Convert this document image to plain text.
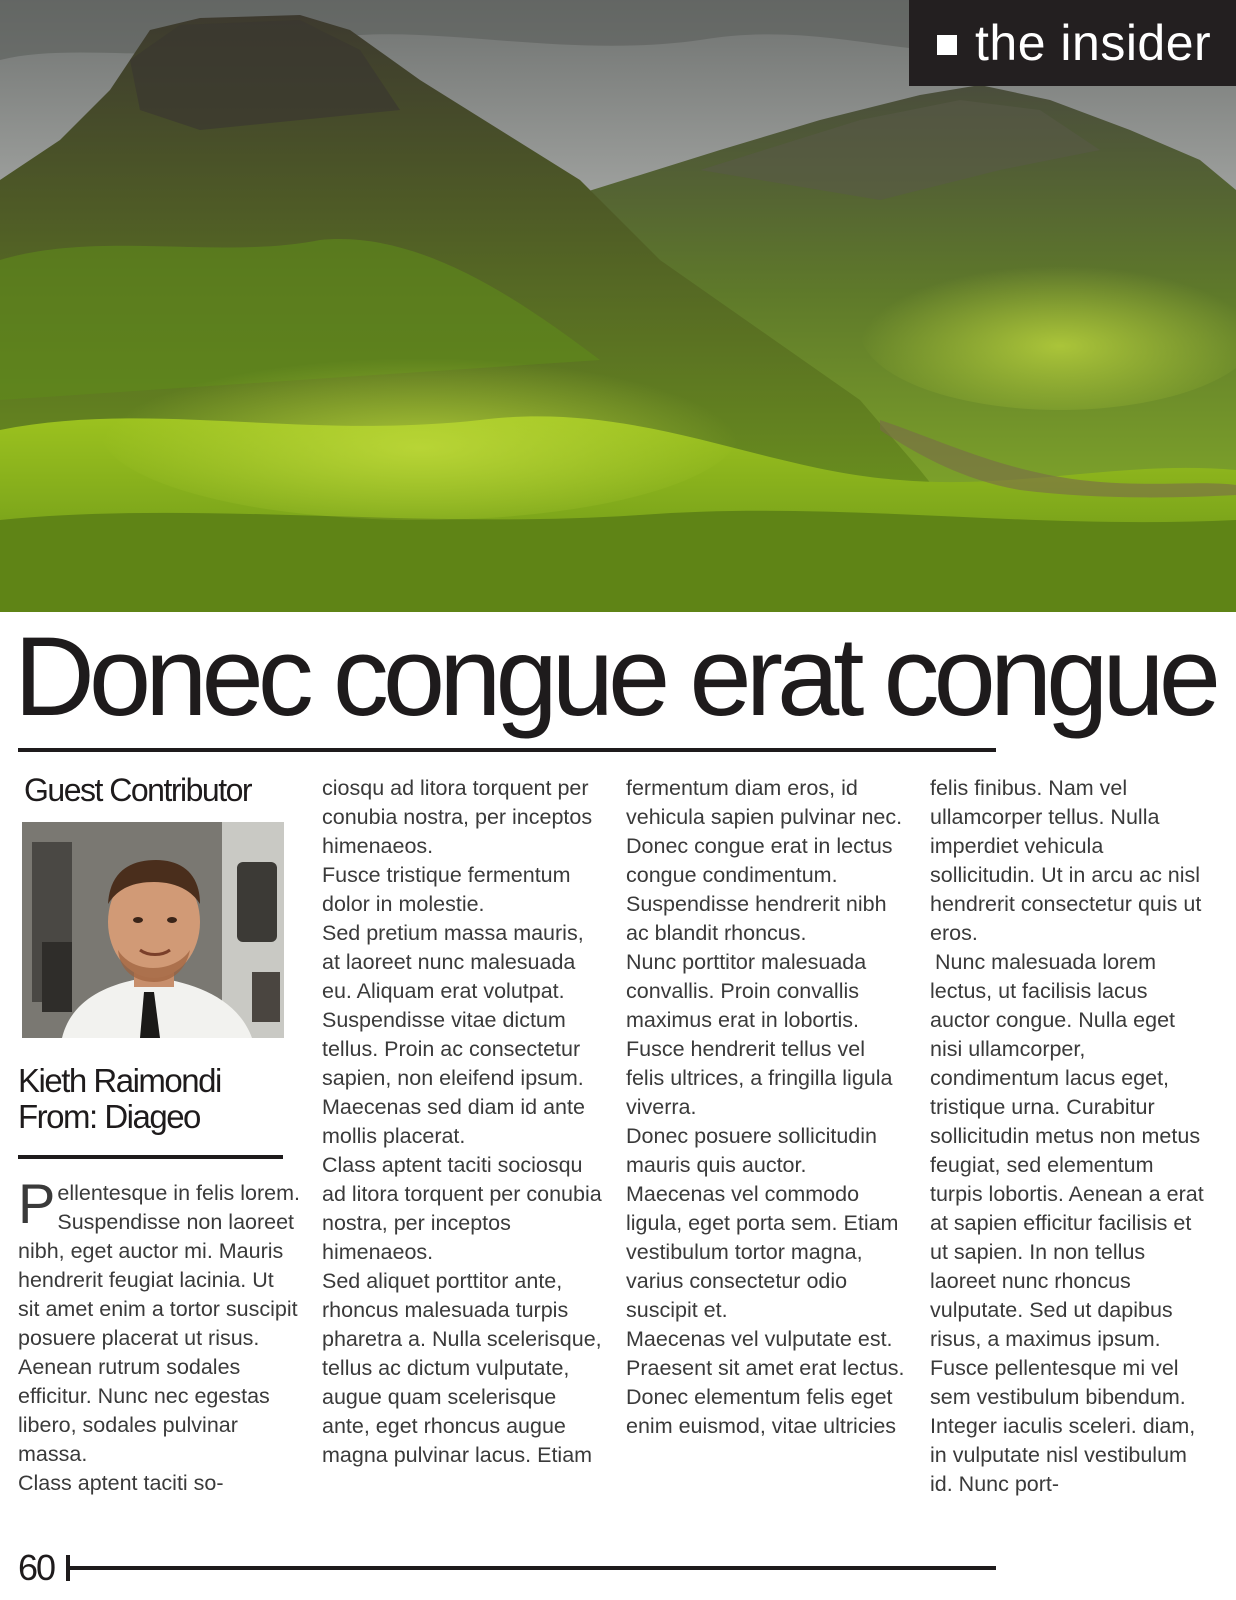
the insider
Donec congue erat congue
Guest Contributor
Kieth Raimondi
From: Diageo

Pellentesque in felis lorem. Suspendisse non laoreet nibh, eget auctor mi. Mauris hendrerit feugiat lacinia. Ut sit amet enim a tortor suscipit posuere placerat ut risus. Aenean rutrum sodales efficitur. Nunc nec egestas libero, sodales pulvinar massa.

Class aptent taciti so-

ciosqu ad litora torquent per conubia nostra, per inceptos himenaeos.

Fusce tristique fermentum dolor in molestie.

Sed pretium massa mauris, at laoreet nunc malesuada eu. Aliquam erat volutpat. Suspendisse vitae dictum tellus. Proin ac consectetur sapien, non eleifend ipsum.

Maecenas sed diam id ante mollis placerat.

Class aptent taciti sociosqu ad litora torquent per conubia nostra, per inceptos himenaeos.

Sed aliquet porttitor ante, rhoncus malesuada turpis pharetra a. Nulla scelerisque, tellus ac dictum vulputate, augue quam scelerisque ante, eget rhoncus augue magna pulvinar lacus. Etiam

fermentum diam eros, id vehicula sapien pulvinar nec.

Donec congue erat in lectus congue condimentum. Suspendisse hendrerit nibh ac blandit rhoncus.

Nunc porttitor malesuada convallis. Proin convallis maximus erat in lobortis. Fusce hendrerit tellus vel felis ultrices, a fringilla ligula viverra.

Donec posuere sollicitudin mauris quis auctor. Maecenas vel commodo ligula, eget porta sem. Etiam vestibulum tortor magna, varius consectetur odio suscipit et.

Maecenas vel vulputate est. Praesent sit amet erat lectus. Donec elementum felis eget enim euismod, vitae ultricies

felis finibus. Nam vel ullamcorper tellus. Nulla imperdiet vehicula sollicitudin. Ut in arcu ac nisl hendrerit consectetur quis ut eros.

Nunc malesuada lorem lectus, ut facilisis lacus auctor congue. Nulla eget nisi ullamcorper, condimentum lacus eget, tristique urna. Curabitur sollicitudin metus non metus feugiat, sed elementum turpis lobortis. Aenean a erat at sapien efficitur facilisis et ut sapien. In non tellus laoreet nunc rhoncus vulputate. Sed ut dapibus risus, a maximus ipsum. Fusce pellentesque mi vel sem vestibulum bibendum. Integer iaculis sceleri. diam, in vulputate nisl vestibulum id. Nunc port-

60
